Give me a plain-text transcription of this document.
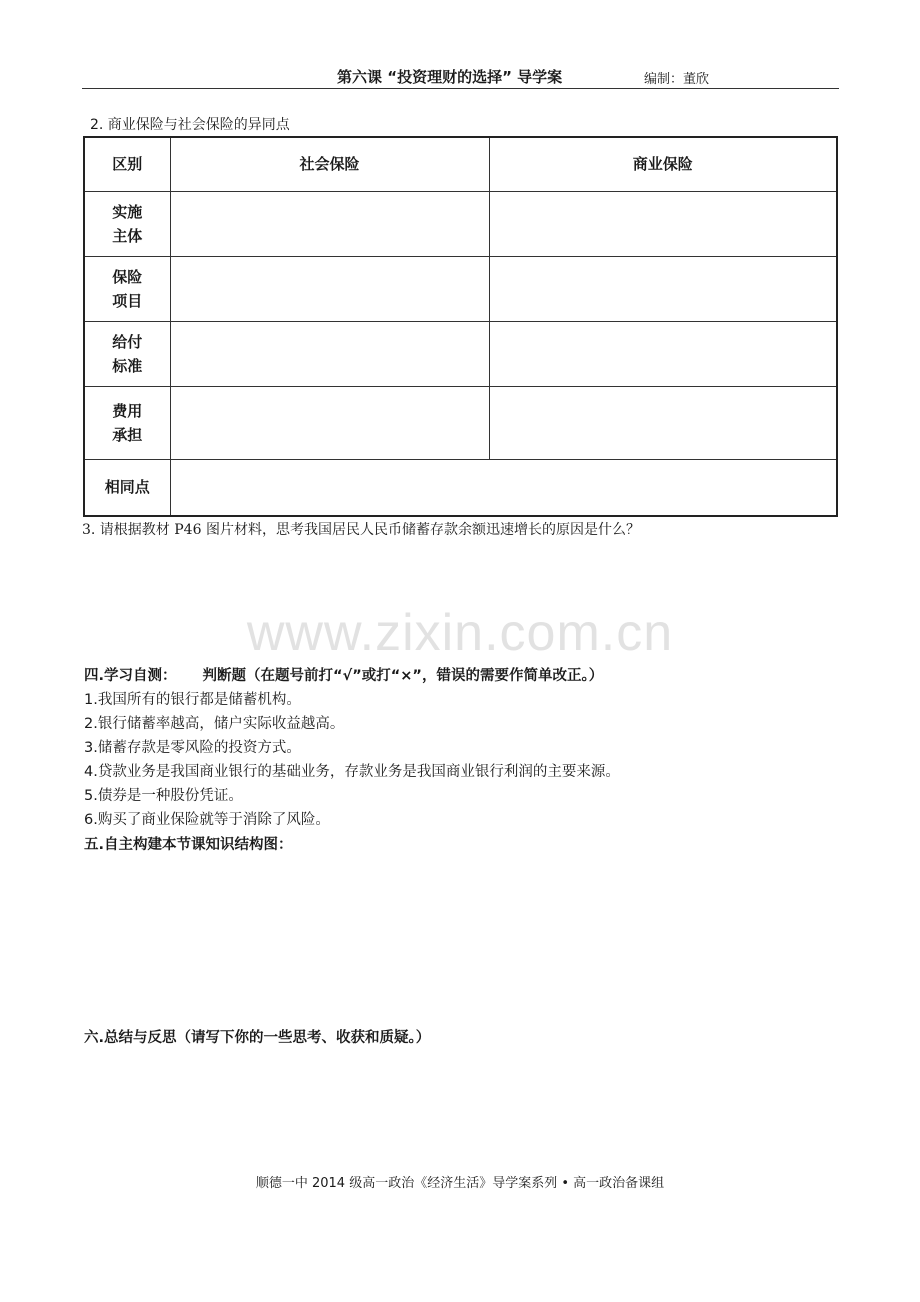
第六课 “投资理财的选择” 导学案	编制：董欣
2. 商业保险与社会保险的异同点
区别	社会保险	商业保险

实施
主体		

保险
项目		

给付
标准		

费用
承担		

相同点		
3. 请根据教材 P46 图片材料，思考我国居民人民币储蓄存款余额迅速增长的原因是什么？
www.zixin.com.cn
四.学习自测： 判断题（在题号前打“√”或打“×”，错误的需要作简单改正。）
1.我国所有的银行都是储蓄机构。
2.银行储蓄率越高，储户实际收益越高。
3.储蓄存款是零风险的投资方式。
4.贷款业务是我国商业银行的基础业务，存款业务是我国商业银行利润的主要来源。
5.债券是一种股份凭证。
6.购买了商业保险就等于消除了风险。
五.自主构建本节课知识结构图：
六.总结与反思（请写下你的一些思考、收获和质疑。）
顺德一中 2014 级高一政治《经济生活》导学案系列 • 高一政治备课组
